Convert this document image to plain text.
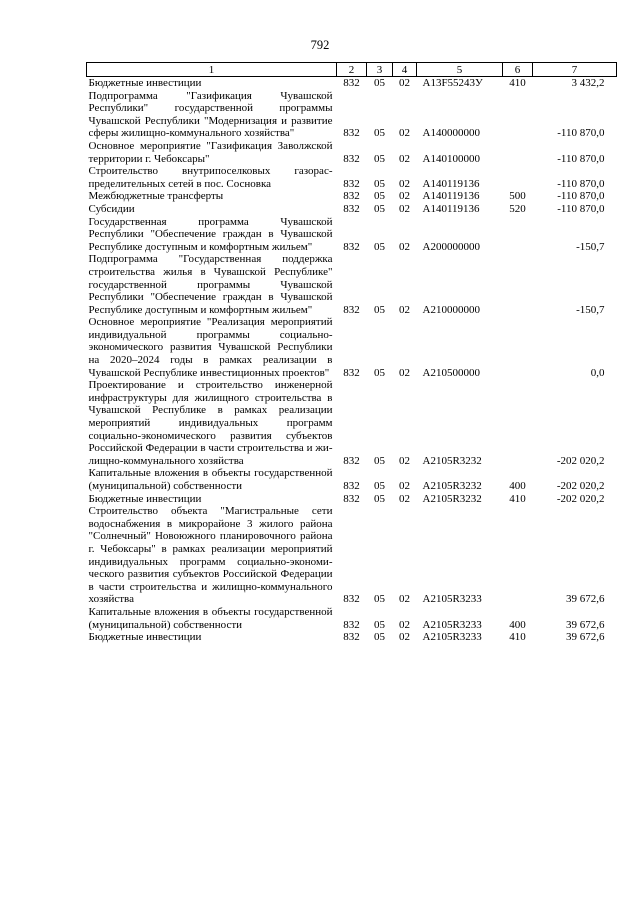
792
1	2	3	4	5	6	7
Бюджетные инвестиции	832	05	02	А13F55243У	410	3 432,2
Подпрограмма "Газификация Чувашской Республики" государственной программы Чувашской Республики "Модернизация и развитие сферы жилищно-коммунального хозяйства"	832	05	02	А140000000		-110 870,0
Основное мероприятие "Газификация Заволжской территории г. Чебоксары"	832	05	02	А140100000		-110 870,0
Строительство внутрипоселковых газораспределительных сетей в пос. Сосновка	832	05	02	А140119136		-110 870,0
Межбюджетные трансферты	832	05	02	А140119136	500	-110 870,0
Субсидии	832	05	02	А140119136	520	-110 870,0
Государственная программа Чувашской Республики "Обеспечение граждан в Чувашской Республике доступным и комфортным жильем"	832	05	02	А200000000		-150,7
Подпрограмма "Государственная поддержка строительства жилья в Чувашской Республике" государственной программы Чувашской Республики "Обеспечение граждан в Чувашской Республике доступным и комфортным жильем"	832	05	02	А210000000		-150,7
Основное мероприятие "Реализация мероприятий индивидуальной программы социально-экономического развития Чувашской Республики на 2020–2024 годы в рамках реализации в Чувашской Республике инвестиционных проектов"	832	05	02	А210500000		0,0
Проектирование и строительство инженерной инфраструктуры для жилищного строительства в Чувашской Республике в рамках реализации мероприятий индивидуальных программ социально-экономического развития субъектов Российской Федерации в части строительства и жилищно-коммунального хозяйства	832	05	02	А2105R3232		-202 020,2
Капитальные вложения в объекты государственной (муниципальной) собственности	832	05	02	А2105R3232	400	-202 020,2
Бюджетные инвестиции	832	05	02	А2105R3232	410	-202 020,2
Строительство объекта "Магистральные сети водоснабжения в микрорайоне 3 жилого района "Солнечный" Новоюжного планировочного района г. Чебоксары" в рамках реализации мероприятий индивидуальных программ социально-экономического развития субъектов Российской Федерации в части строительства и жилищно-коммунального хозяйства	832	05	02	А2105R3233		39 672,6
Капитальные вложения в объекты государственной (муниципальной) собственности	832	05	02	А2105R3233	400	39 672,6
Бюджетные инвестиции	832	05	02	А2105R3233	410	39 672,6
